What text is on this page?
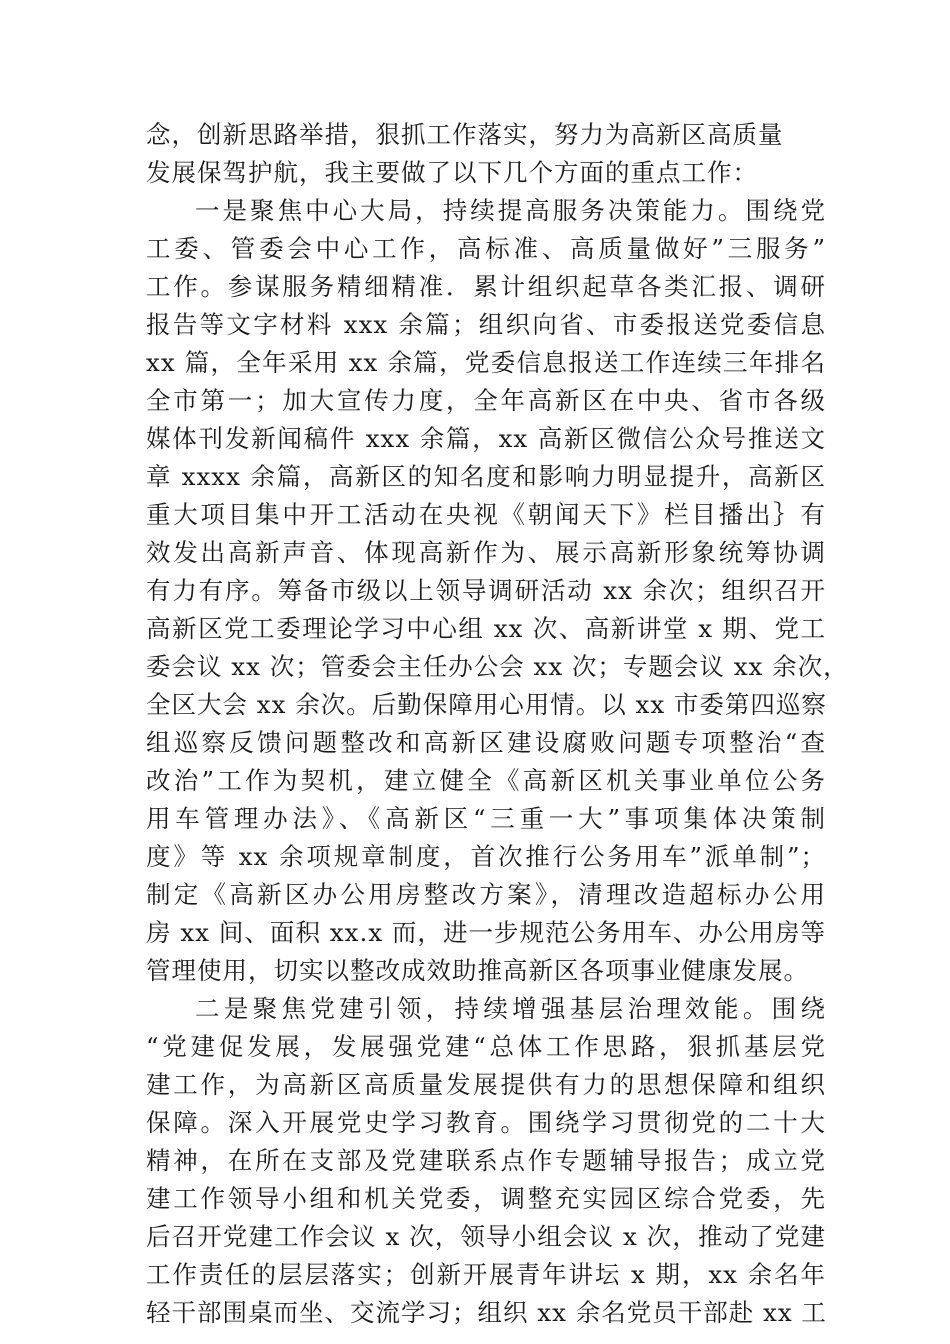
念，创新思路举措，狠抓工作落实，努力为高新区高质量
发展保驾护航，我主要做了以下几个方面的重点工作：
一是聚焦中心大局，持续提高服务决策能力。围绕党
工委、管委会中心工作，高标准、高质量做好”三服务”
工作。参谋服务精细精准．累计组织起草各类汇报、调研
报告等文字材料 xxx 余篇；组织向省、市委报送党委信息
xx 篇，全年采用 xx 余篇，党委信息报送工作连续三年排名
全市第一；加大宣传力度，全年高新区在中央、省市各级
媒体刊发新闻稿件 xxx 余篇，xx 高新区微信公众号推送文
章 xxxx 余篇，高新区的知名度和影响力明显提升，高新区
重大项目集中开工活动在央视《朝闻天下》栏目播出｝有
效发出高新声音、体现高新作为、展示高新形象统筹协调
有力有序。筹备市级以上领导调研活动 xx 余次；组织召开
高新区党工委理论学习中心组 xx 次、高新讲堂 x 期、党工
委会议 xx 次；管委会主任办公会 xx 次；专题会议 xx 余次，
全区大会 xx 余次。后勤保障用心用情。以 xx 市委第四巡察
组巡察反馈问题整改和高新区建设腐败问题专项整治“查
改治”工作为契机，建立健全《高新区机关事业单位公务
用车管理办法》、《高新区“三重一大”事项集体决策制
度》等 xx 余项规章制度，首次推行公务用车”派单制”；
制定《高新区办公用房整改方案》，清理改造超标办公用
房 xx 间、面积 xx.x 而，进一步规范公务用车、办公用房等
管理使用，切实以整改成效助推高新区各项事业健康发展。
二是聚焦党建引领，持续增强基层治理效能。围绕
“党建促发展，发展强党建“总体工作思路，狠抓基层党
建工作，为高新区高质量发展提供有力的思想保障和组织
保障。深入开展党史学习教育。围绕学习贯彻党的二十大
精神，在所在支部及党建联系点作专题辅导报告；成立党
建工作领导小组和机关党委，调整充实园区综合党委，先
后召开党建工作会议 x 次，领导小组会议 x 次，推动了党建
工作责任的层层落实；创新开展青年讲坛 x 期，xx 余名年
轻干部围桌而坐、交流学习；组织 xx 余名党员干部赴 xx 工
